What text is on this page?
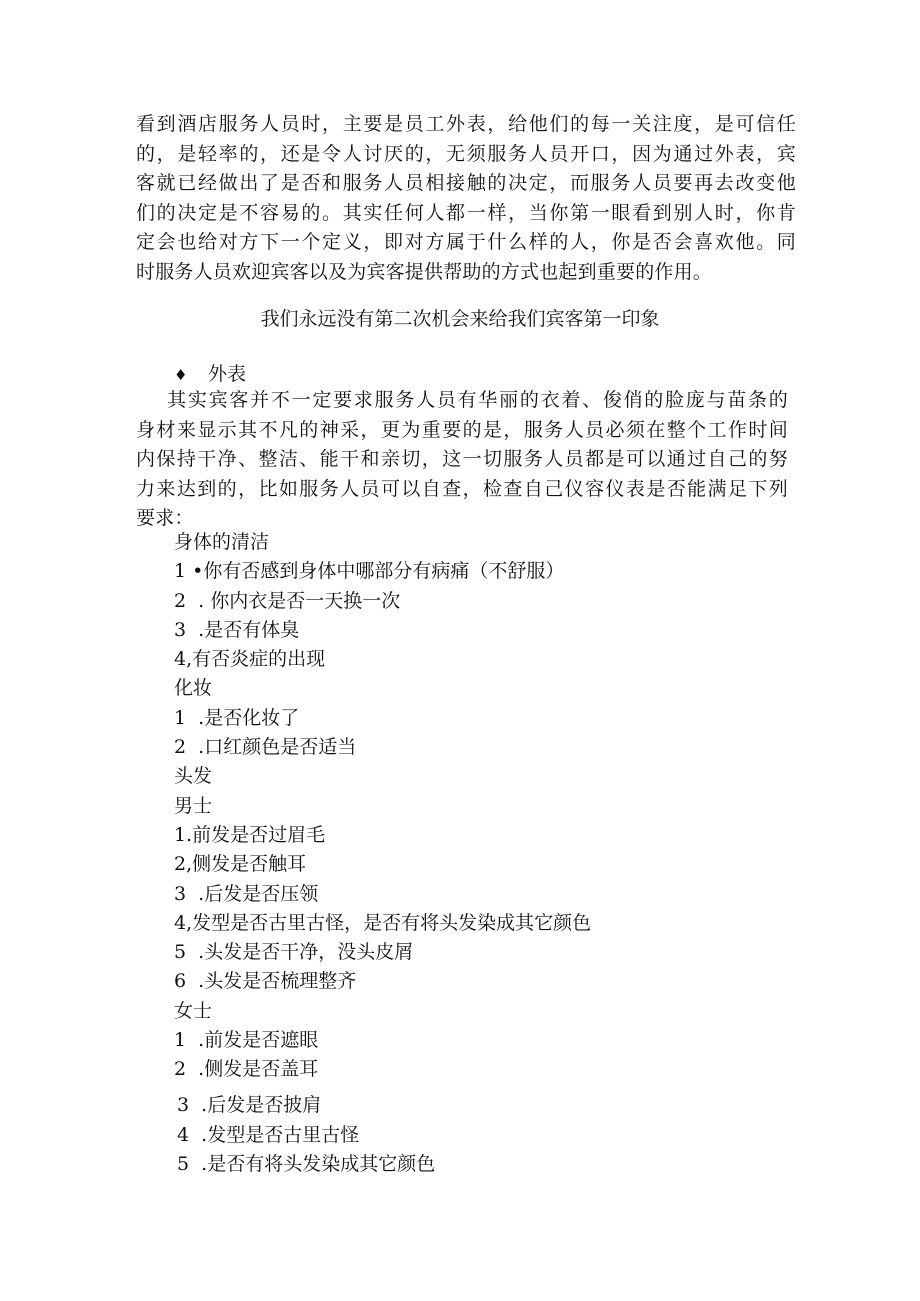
看到酒店服务人员时，主要是员工外表，给他们的每一关注度，是可信任
的，是轻率的，还是令人讨厌的，无须服务人员开口，因为通过外表，宾
客就已经做出了是否和服务人员相接触的决定，而服务人员要再去改变他
们的决定是不容易的。其实任何人都一样，当你第一眼看到别人时，你肯
定会也给对方下一个定义，即对方属于什么样的人，你是否会喜欢他。同
时服务人员欢迎宾客以及为宾客提供帮助的方式也起到重要的作用。
我们永远没有第二次机会来给我们宾客第一印象
♦ 外表
其实宾客并不一定要求服务人员有华丽的衣着、俊俏的脸庞与苗条的
身材来显示其不凡的神采，更为重要的是，服务人员必须在整个工作时间
内保持干净、整洁、能干和亲切，这一切服务人员都是可以通过自己的努
力来达到的，比如服务人员可以自查，检查自己仪容仪表是否能满足下列
要求：
身体的清洁
1 •你有否感到身体中哪部分有病痛（不舒服）
2  . 你内衣是否一天换一次
3  .是否有体臭
4,有否炎症的出现
化妆
1  .是否化妆了
2  .口红颜色是否适当
头发
男士
1.前发是否过眉毛
2,侧发是否触耳
3  .后发是否压领
4,发型是否古里古怪，是否有将头发染成其它颜色
5  .头发是否干净，没头皮屑
6  .头发是否梳理整齐
女士
1  .前发是否遮眼
2  .侧发是否盖耳
3  .后发是否披肩
4  .发型是否古里古怪
5  .是否有将头发染成其它颜色
